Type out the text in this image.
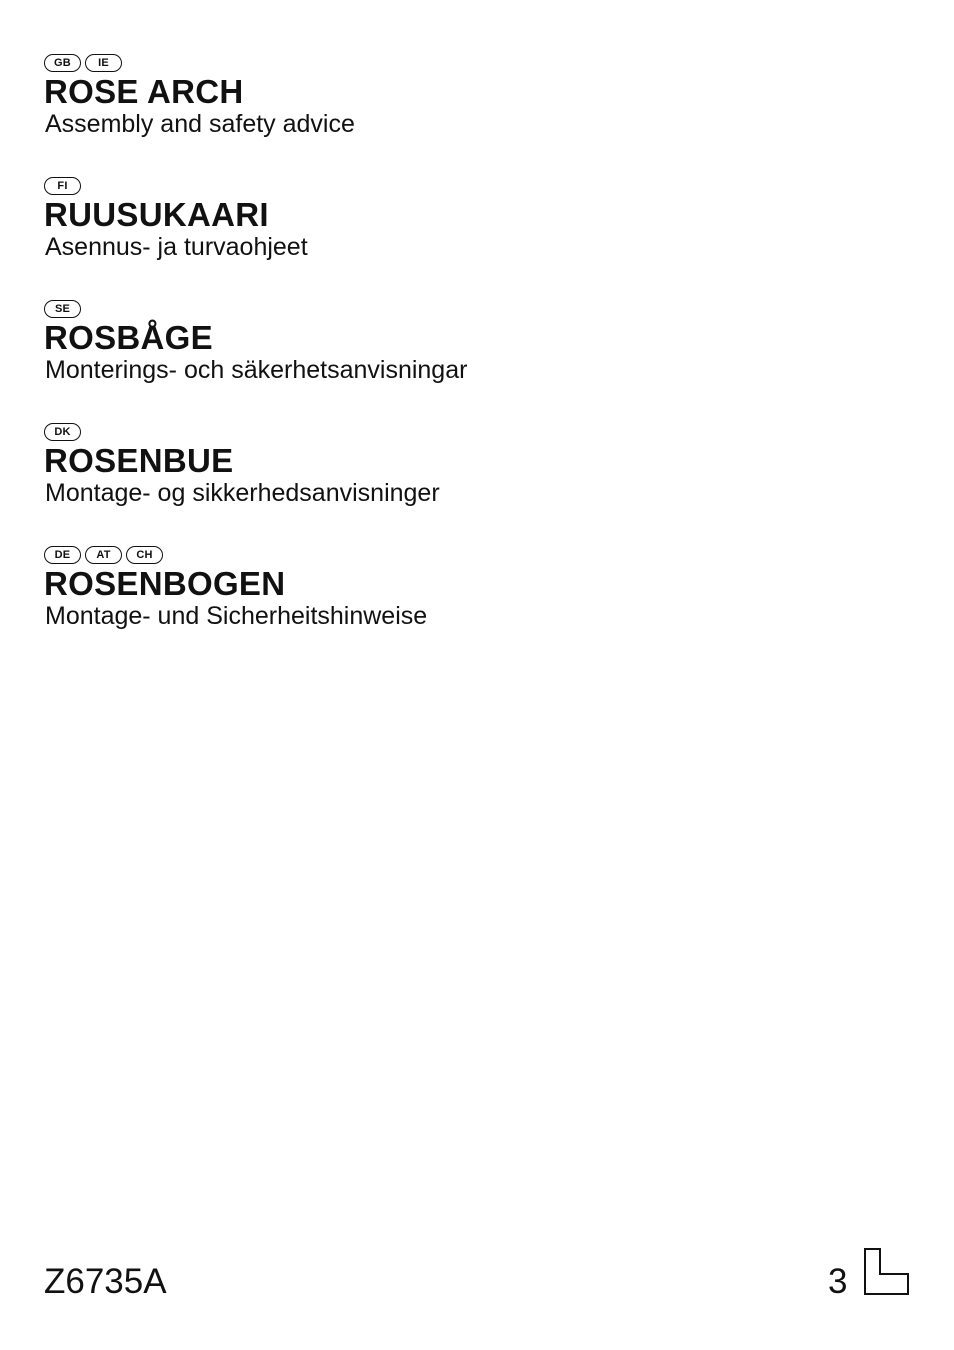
GB	IE
ROSE ARCH
Assembly and safety advice
FI
RUUSUKAARI
Asennus- ja turvaohjeet
SE
ROSBÅGE
Monterings- och säkerhetsanvisningar
DK
ROSENBUE
Montage- og sikkerhedsanvisninger
DE	AT	CH
ROSENBOGEN
Montage- und Sicherheitshinweise
Z6735A	3
